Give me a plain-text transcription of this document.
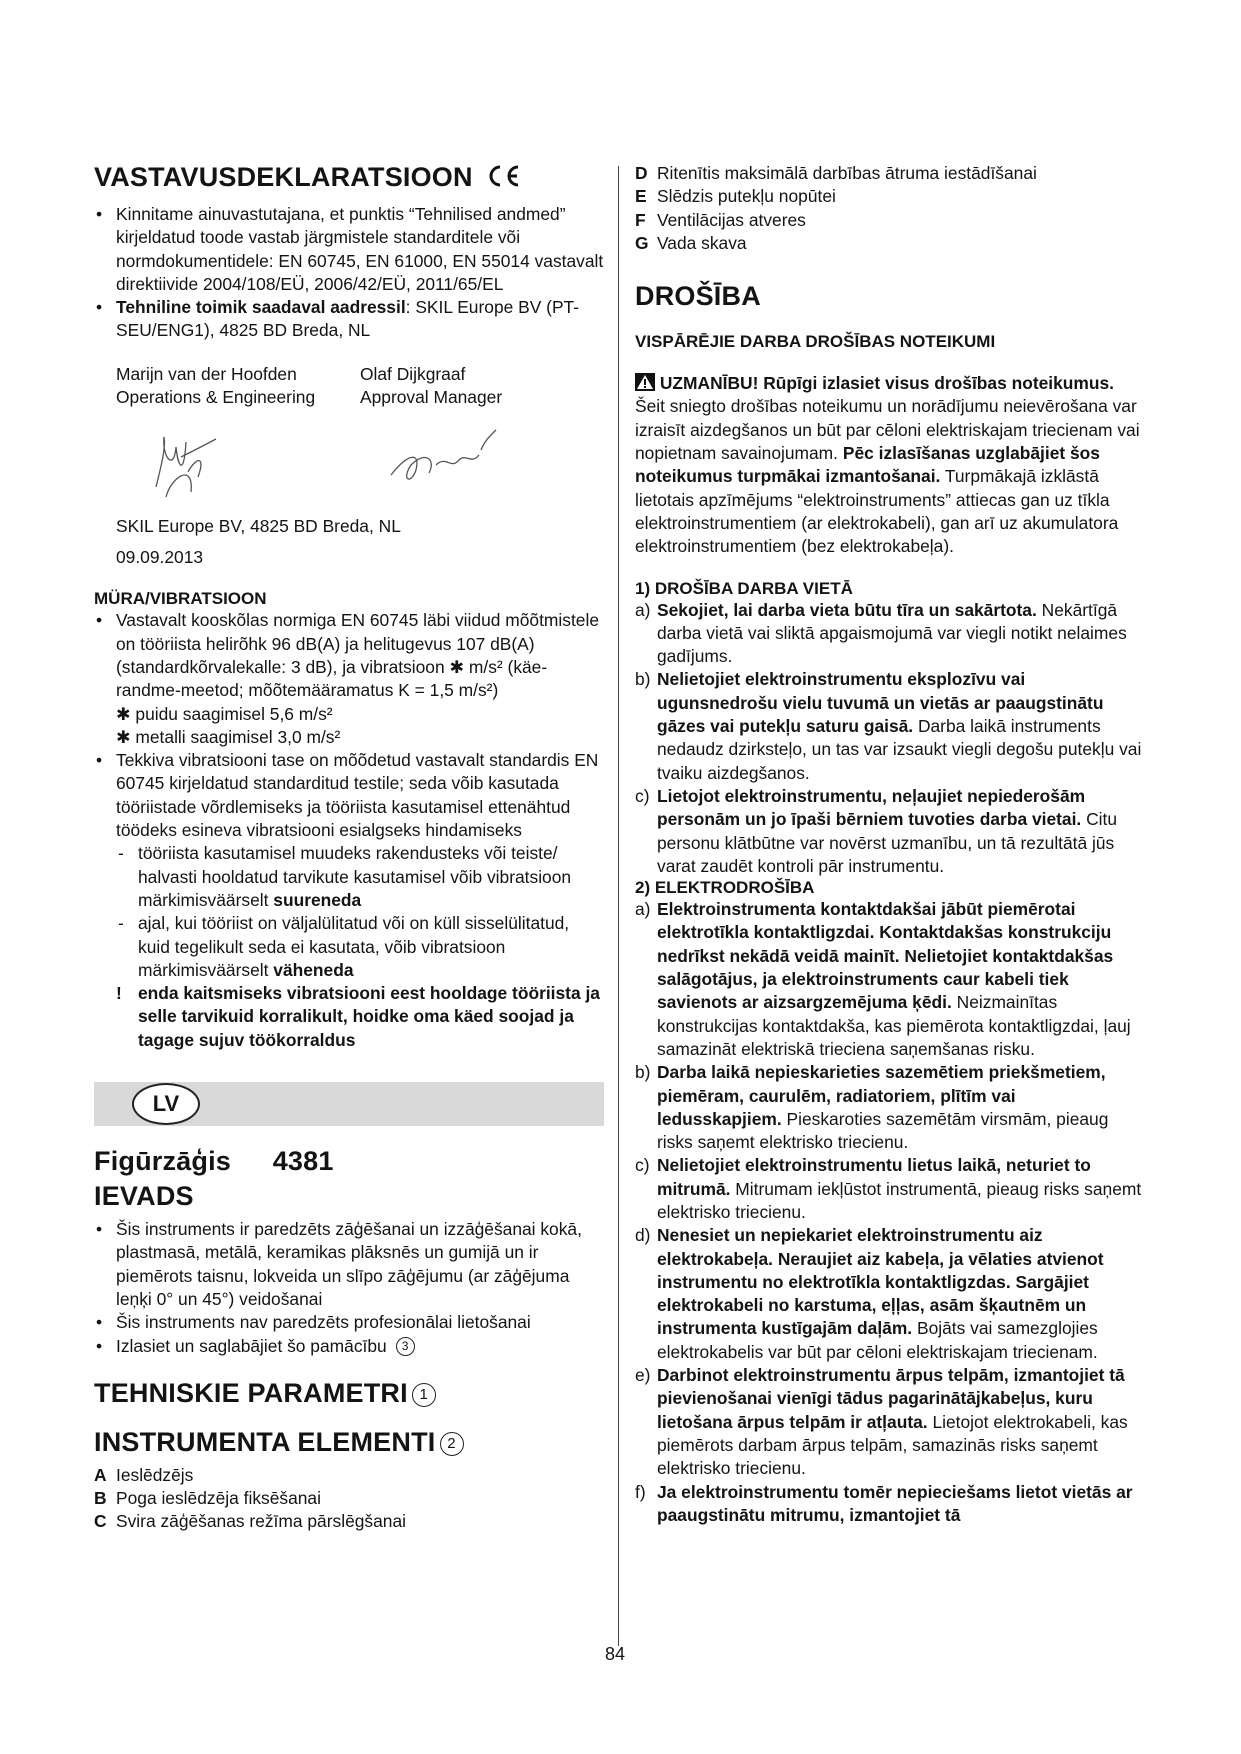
VASTAVUSDEKLARATSIOON
• Kinnitame ainuvastutajana, et punktis “Tehnilised andmed” kirjeldatud toode vastab järgmistele standarditele või normdokumentidele: EN 60745, EN 61000, EN 55014 vastavalt direktiivide 2004/108/EÜ, 2006/42/EÜ, 2011/65/EL
• Tehniline toimik saadaval aadressil: SKIL Europe BV (PT-SEU/ENG1), 4825 BD Breda, NL
Marijn van der Hoofden
Operations & Engineering
Olaf Dijkgraaf
Approval Manager
SKIL Europe BV, 4825 BD Breda, NL
09.09.2013
MÜRA/VIBRATSIOON
• Vastavalt kooskõlas normiga EN 60745 läbi viidud mõõtmistele on tööriista helirõhk 96 dB(A) ja helitugevus 107 dB(A) (standardkõrvalekalle: 3 dB), ja vibratsioon ✱ m/s² (käe-randme-meetod; mõõtemääramatus K = 1,5 m/s²)
✱ puidu saagimisel 5,6 m/s²
✱ metalli saagimisel 3,0 m/s²
• Tekkiva vibratsiooni tase on mõõdetud vastavalt standardis EN 60745 kirjeldatud standarditud testile; seda võib kasutada tööriistade võrdlemiseks ja tööriista kasutamisel ettenähtud töödeks esineva vibratsiooni esialgseks hindamiseks
- tööriista kasutamisel muudeks rakendusteks või teiste/ halvasti hooldatud tarvikute kasutamisel võib vibratsioon märkimisväärselt suureneda
- ajal, kui tööriist on väljalülitatud või on küll sisselülitatud, kuid tegelikult seda ei kasutata, võib vibratsioon märkimisväärselt väheneda
! enda kaitsmiseks vibratsiooni eest hooldage tööriista ja selle tarvikuid korralikult, hoidke oma käed soojad ja tagage sujuv töökorraldus
LV
Figūrzāģis 4381
IEVADS
• Šis instruments ir paredzēts zāģēšanai un izzāģēšanai kokā, plastmasā, metālā, keramikas plāksnēs un gumijā un ir piemērots taisnu, lokveida un slīpo zāģējumu (ar zāģējuma leņķi 0° un 45°) veidošanai
• Šis instruments nav paredzēts profesionālai lietošanai
• Izlasiet un saglabājiet šo pamācību 3
TEHNISKIE PARAMETRI 1
INSTRUMENTA ELEMENTI 2
A Ieslēdzējs
B Poga ieslēdzēja fiksēšanai
C Svira zāģēšanas režīma pārslēgšanai
D Ritenītis maksimālā darbības ātruma iestādīšanai
E Slēdzis putekļu nopūtei
F Ventilācijas atveres
G Vada skava
DROŠĪBA
VISPĀRĒJIE DARBA DROŠĪBAS NOTEIKUMI

UZMANĪBU! Rūpīgi izlasiet visus drošības noteikumus. Šeit sniegto drošības noteikumu un norādījumu neievērošana var izraisīt aizdegšanos un būt par cēloni elektriskajam triecienam vai nopietnam savainojumam. Pēc izlasīšanas uzglabājiet šos noteikumus turpmākai izmantošanai. Turpmākajā izklāstā lietotais apzīmējums “elektroinstruments” attiecas gan uz tīkla elektroinstrumentiem (ar elektrokabeli), gan arī uz akumulatora elektroinstrumentiem (bez elektrokabeļa).

1) DROŠĪBA DARBA VIETĀ
a) Sekojiet, lai darba vieta būtu tīra un sakārtota. Nekārtīgā darba vietā vai sliktā apgaismojumā var viegli notikt nelaimes gadījums.
b) Nelietojiet elektroinstrumentu eksplozīvu vai ugunsnedrošu vielu tuvumā un vietās ar paaugstinātu gāzes vai putekļu saturu gaisā. Darba laikā instruments nedaudz dzirksteļo, un tas var izsaukt viegli degošu putekļu vai tvaiku aizdegšanos.
c) Lietojot elektroinstrumentu, neļaujiet nepiederošām personām un jo īpaši bērniem tuvoties darba vietai. Citu personu klātbūtne var novērst uzmanību, un tā rezultātā jūs varat zaudēt kontroli pār instrumentu.
2) ELEKTRODROŠĪBA
a) Elektroinstrumenta kontaktdakšai jābūt piemērotai elektrotīkla kontaktligzdai. Kontaktdakšas konstrukciju nedrīkst nekādā veidā mainīt. Nelietojiet kontaktdakšas salāgotājus, ja elektroinstruments caur kabeli tiek savienots ar aizsargzemējuma ķēdi. Neizmainītas konstrukcijas kontaktdakša, kas piemērota kontaktligzdai, ļauj samazināt elektriskā trieciena saņemšanas risku.
b) Darba laikā nepieskarieties sazemētiem priekšmetiem, piemēram, caurulēm, radiatoriem, plītīm vai ledusskapjiem. Pieskaroties sazemētām virsmām, pieaug risks saņemt elektrisko triecienu.
c) Nelietojiet elektroinstrumentu lietus laikā, neturiet to mitrumā. Mitrumam iekļūstot instrumentā, pieaug risks saņemt elektrisko triecienu.
d) Nenesiet un nepiekariet elektroinstrumentu aiz elektrokabeļa. Neraujiet aiz kabeļa, ja vēlaties atvienot instrumentu no elektrotīkla kontaktligzdas. Sargājiet elektrokabeli no karstuma, eļļas, asām šķautnēm un instrumenta kustīgajām daļām. Bojāts vai samezglojies elektrokabelis var būt par cēloni elektriskajam triecienam.
e) Darbinot elektroinstrumentu ārpus telpām, izmantojiet tā pievienošanai vienīgi tādus pagarinātājkabeļus, kuru lietošana ārpus telpām ir atļauta. Lietojot elektrokabeli, kas piemērots darbam ārpus telpām, samazinās risks saņemt elektrisko triecienu.
f) Ja elektroinstrumentu tomēr nepieciešams lietot vietās ar paaugstinātu mitrumu, izmantojiet tā
84
